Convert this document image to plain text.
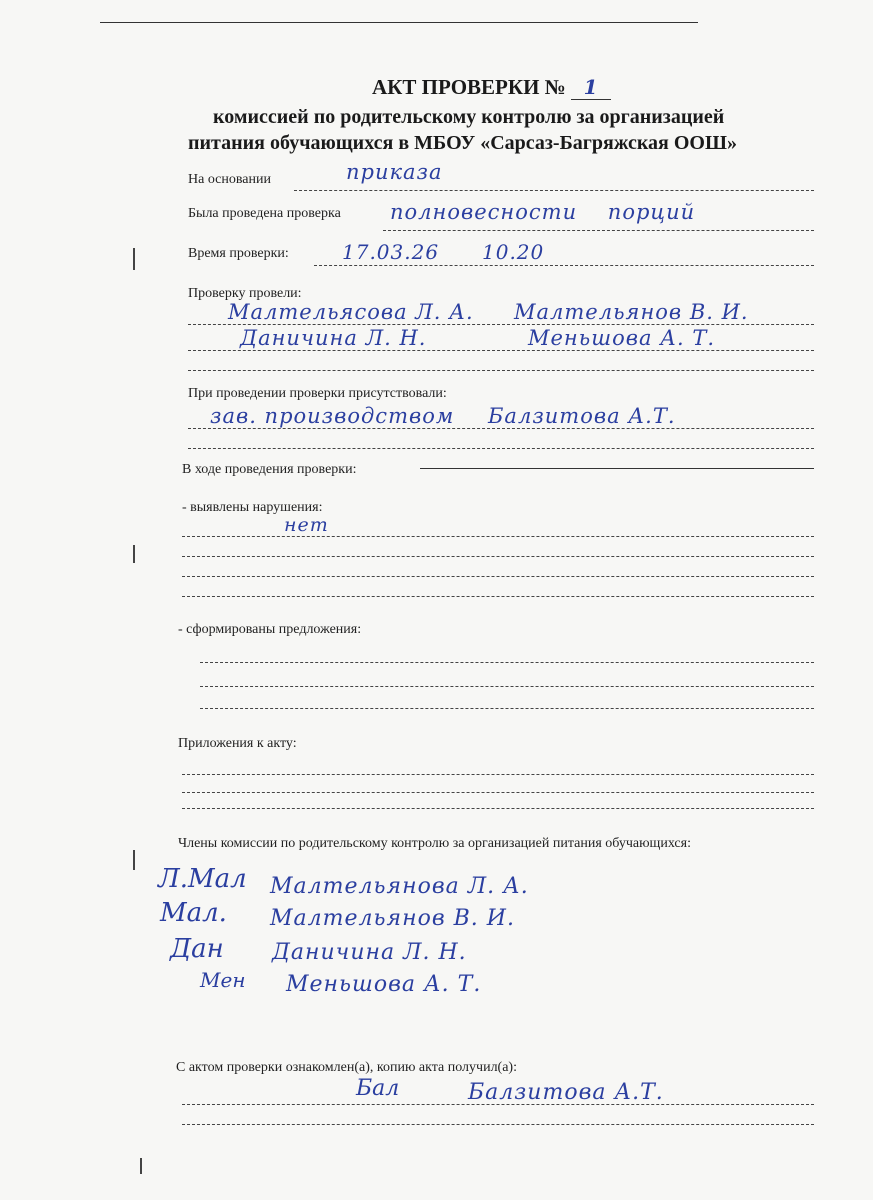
АКТ ПРОВЕРКИ № 1
комиссией по родительскому контролю за организацией
питания обучающихся в МБОУ «Сарсаз-Багряжская ООШ»
На основании	приказа
Была проведена проверка полновесности    порций
Время проверки:	17.03.26 10.20
Проверку провели:
Малтельясова Л. А. Малтельянов В. И.
Даничина Л. Н.	Меньшова А. Т.
При проведении проверки присутствовали:
зав. производством Балзитова А.Т.
В ходе проведения проверки:
- выявлены нарушения:
нет
- сформированы предложения:
Приложения к акту:
Члены комиссии по родительскому контролю за организацией питания обучающихся:
Л.Мал Малтельянова Л. А.
Мал. Малтельянов В. И.
Дан Даничина Л. Н.
Мен Меньшова А. Т.
С актом проверки ознакомлен(а), копию акта получил(а):
Бал	Балзитова А.Т.
